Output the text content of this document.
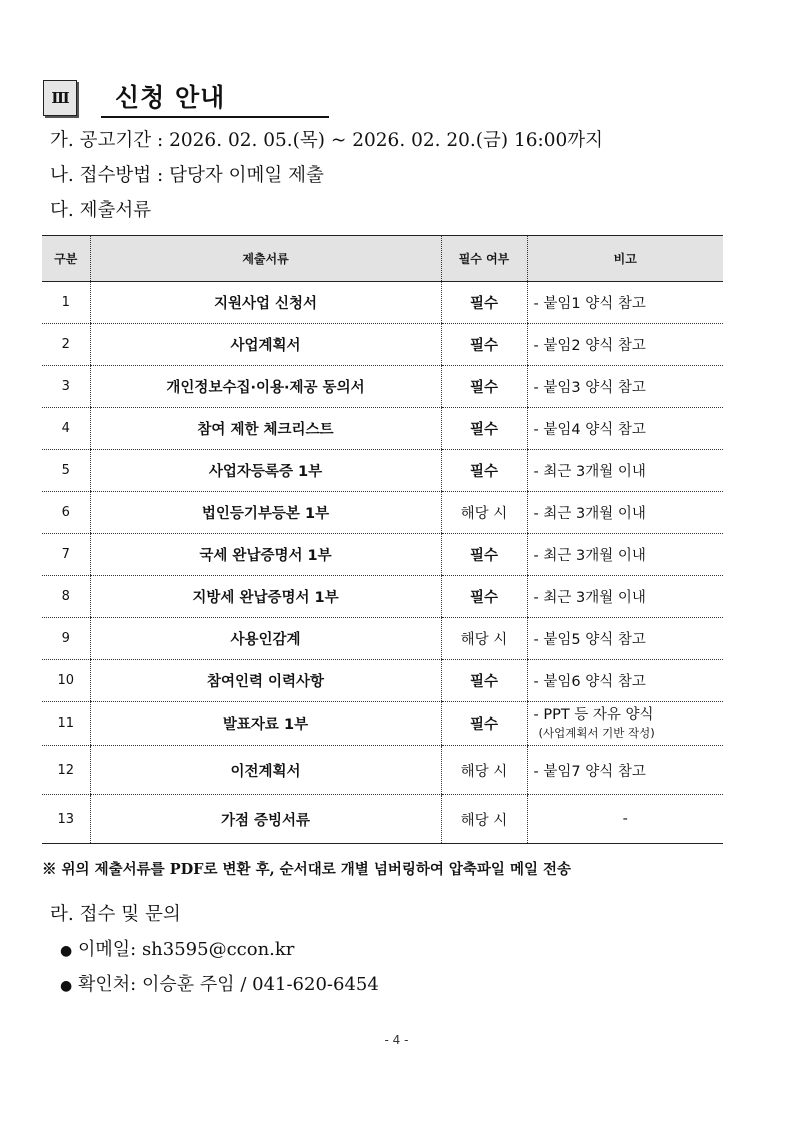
Ⅲ	신청 안내
가. 공고기간 : 2026. 02. 05.(목) ~ 2026. 02. 20.(금) 16:00까지
나. 접수방법 : 담당자 이메일 제출
다. 제출서류
구분	제출서류	필수 여부	비고
1	지원사업 신청서	필수	- 붙임1 양식 참고
2	사업계획서	필수	- 붙임2 양식 참고
3	개인정보수집·이용·제공 동의서	필수	- 붙임3 양식 참고
4	참여 제한 체크리스트	필수	- 붙임4 양식 참고
5	사업자등록증 1부	필수	- 최근 3개월 이내
6	법인등기부등본 1부	해당 시	- 최근 3개월 이내
7	국세 완납증명서 1부	필수	- 최근 3개월 이내
8	지방세 완납증명서 1부	필수	- 최근 3개월 이내
9	사용인감계	해당 시	- 붙임5 양식 참고
10	참여인력 이력사항	필수	- 붙임6 양식 참고
11	발표자료 1부	필수	- PPT 등 자유 양식
(사업계획서 기반 작성)

12	이전계획서	해당 시	- 붙임7 양식 참고
13	가점 증빙서류	해당 시	-
※ 위의 제출서류를 PDF로 변환 후, 순서대로 개별 넘버링하여 압축파일 메일 전송
라. 접수 및 문의
● 이메일: sh3595@ccon.kr
● 확인처: 이승훈 주임 / 041-620-6454
- 4 -
